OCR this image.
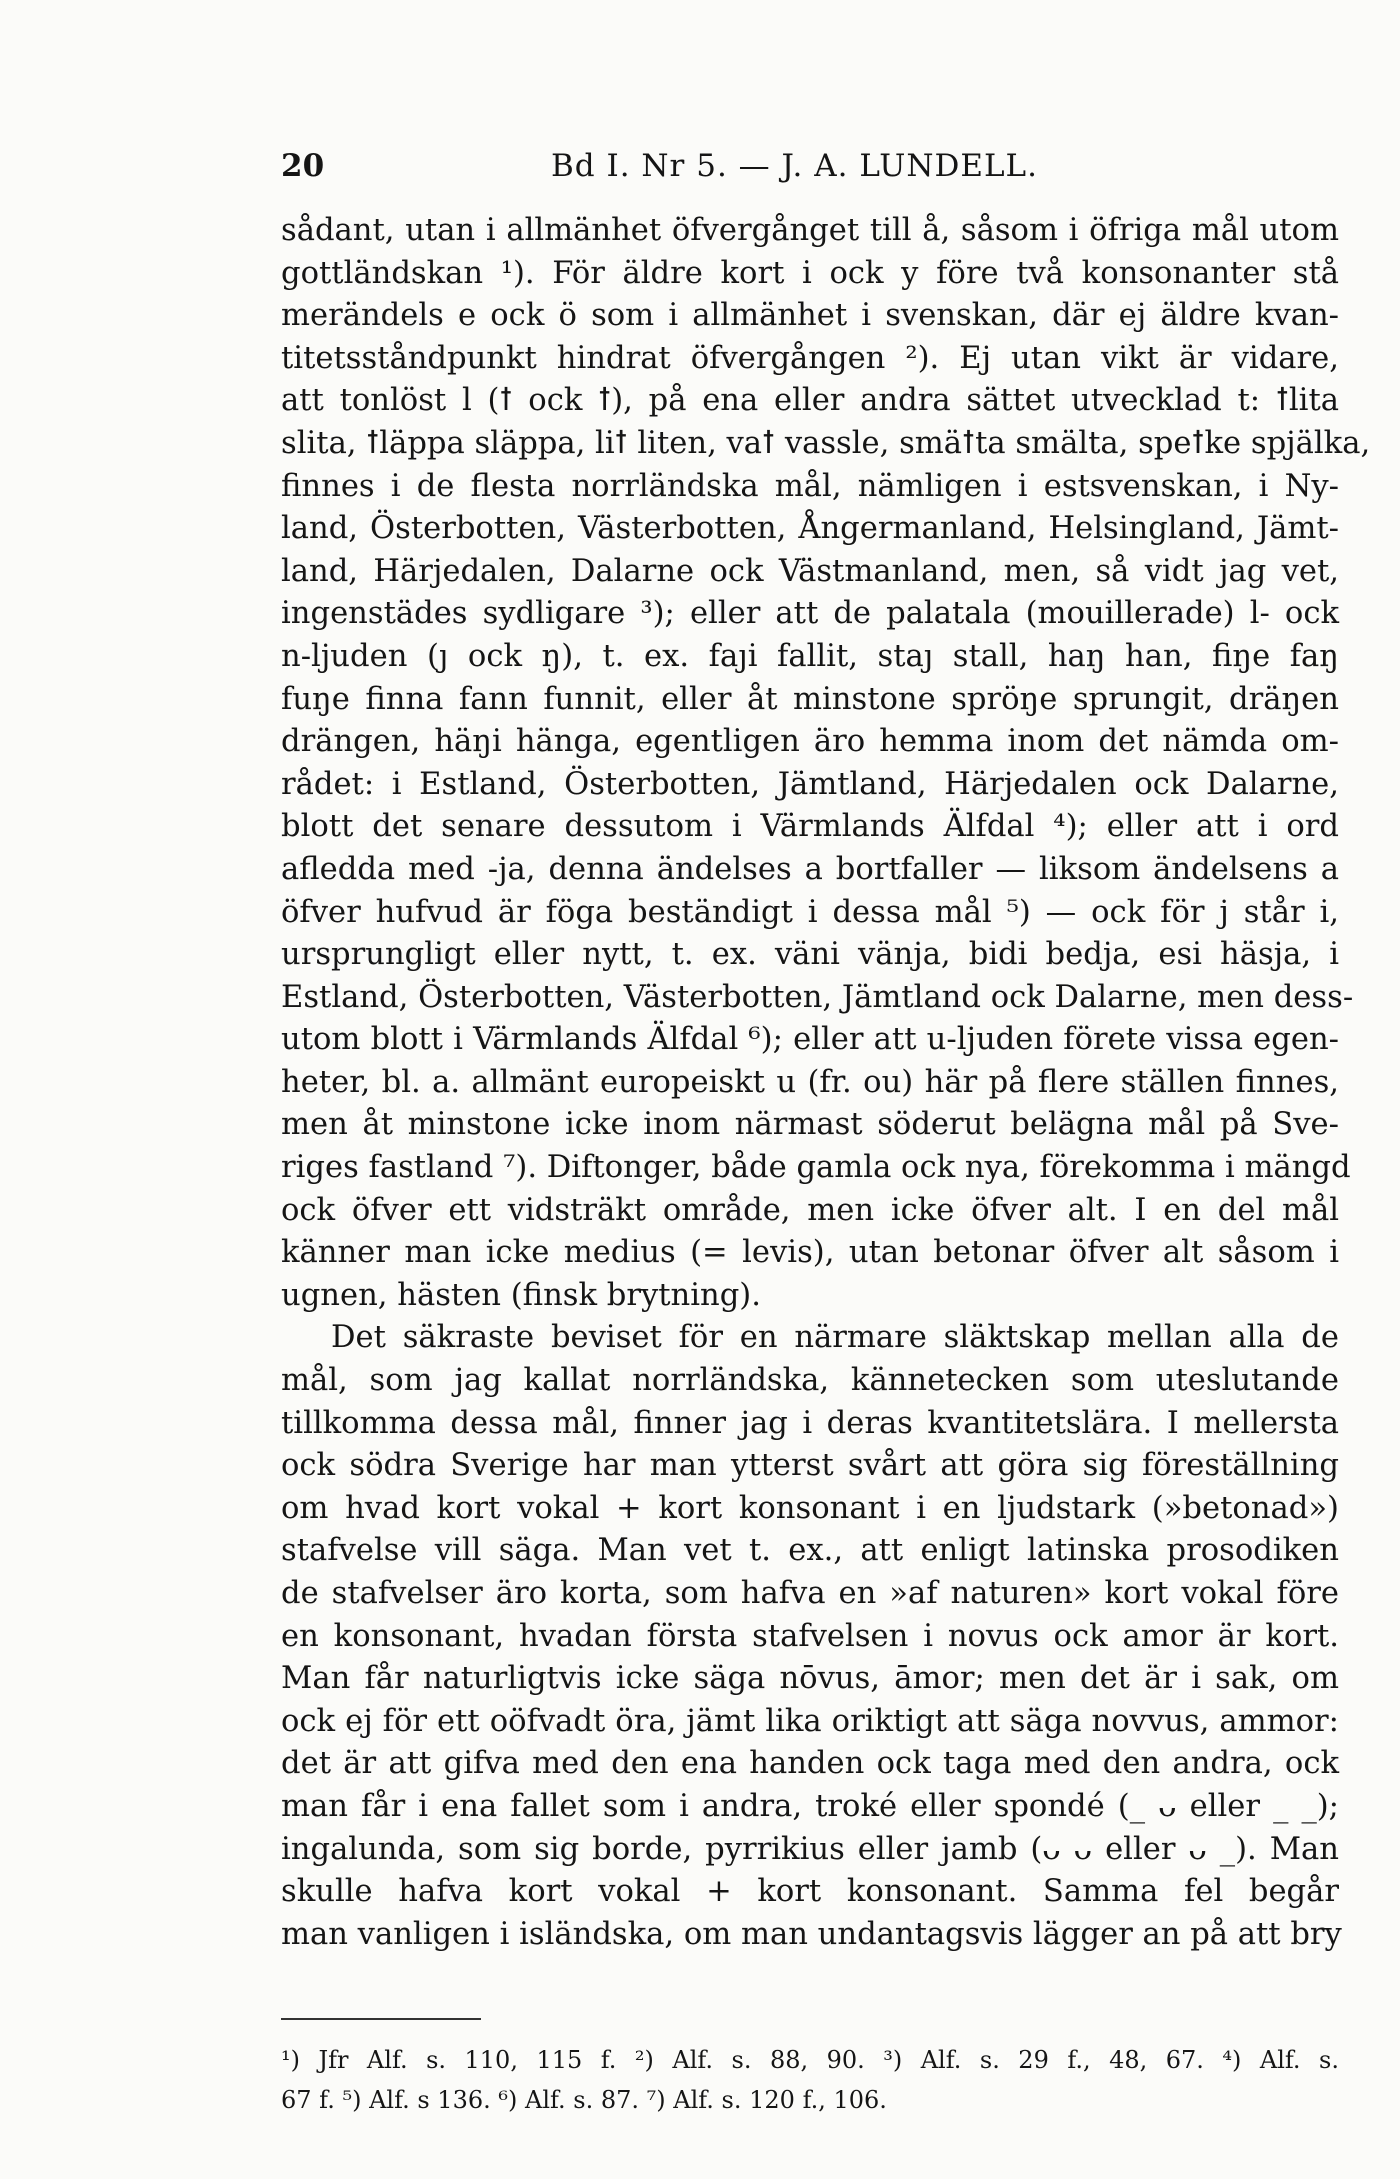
20	Bd I. Nr 5. — J. A. LUNDELL.
sådant, utan i allmänhet öfvergånget till å, såsom i öfriga mål utom
gottländskan ¹). För äldre kort i ock y före två konsonanter stå
merändels e ock ö som i allmänhet i svenskan, där ej äldre kvan-
titetsståndpunkt hindrat öfvergången ²). Ej utan vikt är vidare,
att tonlöst l (ꝉ ock ꝉ), på ena eller andra sättet utvecklad t: ꝉlita
slita, ꝉläppa släppa, liꝉ liten, vaꝉ vassle, smäꝉta smälta, speꝉke spjälka,
finnes i de flesta norrländska mål, nämligen i estsvenskan, i Ny-
land, Österbotten, Västerbotten, Ångermanland, Helsingland, Jämt-
land, Härjedalen, Dalarne ock Västmanland, men, så vidt jag vet,
ingenstädes sydligare ³); eller att de palatala (mouillerade) l- ock
n-ljuden (ȷ ock ŋ), t. ex. faȷi fallit, staȷ stall, haŋ han, fiŋe faŋ
fuŋe finna fann funnit, eller åt minstone spröŋe sprungit, dräŋen
drängen, häŋi hänga, egentligen äro hemma inom det nämda om-
rådet: i Estland, Österbotten, Jämtland, Härjedalen ock Dalarne,
blott det senare dessutom i Värmlands Älfdal ⁴); eller att i ord
afledda med -ja, denna ändelses a bortfaller — liksom ändelsens a
öfver hufvud är föga beständigt i dessa mål ⁵) — ock för j står i,
ursprungligt eller nytt, t. ex. väni vänja, bidi bedja, esi häsja, i
Estland, Österbotten, Västerbotten, Jämtland ock Dalarne, men dess-
utom blott i Värmlands Älfdal ⁶); eller att u-ljuden förete vissa egen-
heter, bl. a. allmänt europeiskt u (fr. ou) här på flere ställen finnes,
men åt minstone icke inom närmast söderut belägna mål på Sve-
riges fastland ⁷). Diftonger, både gamla ock nya, förekomma i mängd
ock öfver ett vidsträkt område, men icke öfver alt. I en del mål
känner man icke medius (= levis), utan betonar öfver alt såsom i
ugnen, hästen (finsk brytning).
Det säkraste beviset för en närmare släktskap mellan alla de
mål, som jag kallat norrländska, kännetecken som uteslutande
tillkomma dessa mål, finner jag i deras kvantitetslära. I mellersta
ock södra Sverige har man ytterst svårt att göra sig föreställning
om hvad kort vokal + kort konsonant i en ljudstark (»betonad»)
stafvelse vill säga. Man vet t. ex., att enligt latinska prosodiken
de stafvelser äro korta, som hafva en »af naturen» kort vokal före
en konsonant, hvadan första stafvelsen i novus ock amor är kort.
Man får naturligtvis icke säga nōvus, āmor; men det är i sak, om
ock ej för ett oöfvadt öra, jämt lika oriktigt att säga novvus, ammor:
det är att gifva med den ena handen ock taga med den andra, ock
man får i ena fallet som i andra, troké eller spondé (_ ᴗ eller _ _);
ingalunda, som sig borde, pyrrikius eller jamb (ᴗ ᴗ eller ᴗ _). Man
skulle hafva kort vokal + kort konsonant. Samma fel begår
man vanligen i isländska, om man undantagsvis lägger an på att bry
¹) Jfr Alf. s. 110, 115 f. ²) Alf. s. 88, 90. ³) Alf. s. 29 f., 48, 67. ⁴) Alf. s.
67 f. ⁵) Alf. s 136. ⁶) Alf. s. 87. ⁷) Alf. s. 120 f., 106.
